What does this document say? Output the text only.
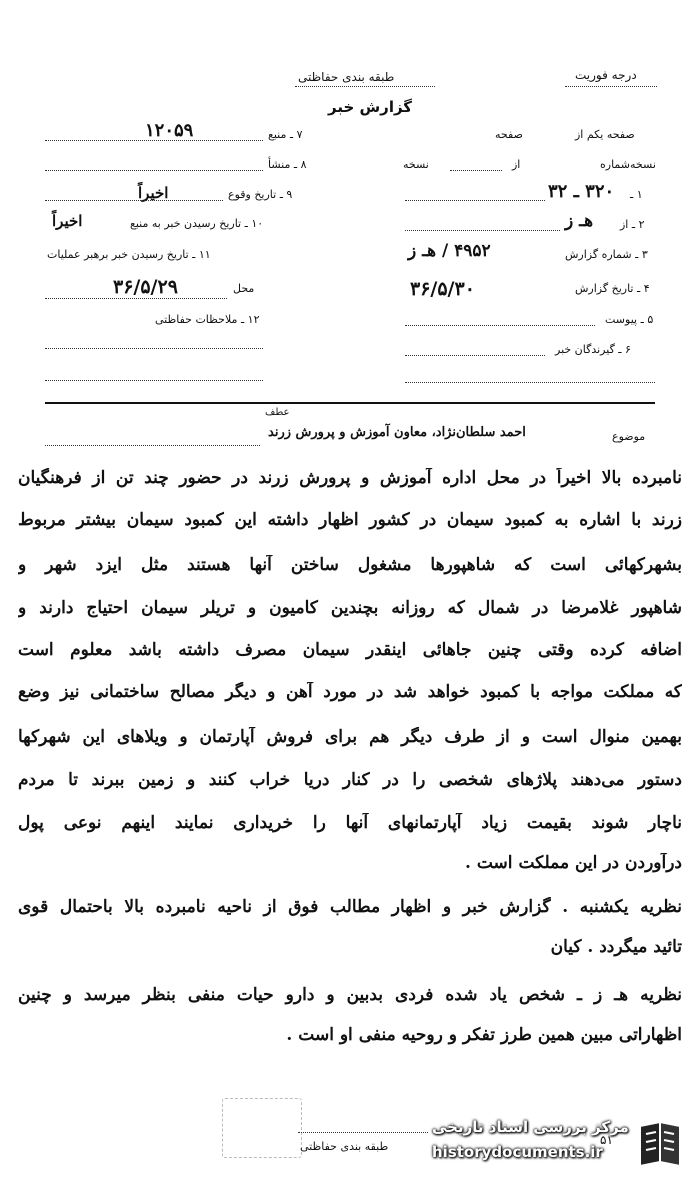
طبقه بندی حفاظتی
گزارش خبر
درجه فوریت
۷ ـ منبع
۱۲۰۵۹
۸ ـ منشأ
۹ ـ تاریخ وقوع
اخیراً
۱۰ ـ تاریخ رسیدن خبر به منبع
اخیراً
۱۱ ـ تاریخ رسیدن خبر برهبر عملیات
محل
۳۶/۵/۲۹
۱۲ ـ ملاحظات حفاظتی
صفحه یکم از
صفحه
نسخه‌شماره
از
نسخه
۱ ـ
۳۲۰ ـ ۳۲
۲ ـ از
هـ ز
۳ ـ شماره گزارش
۴۹۵۲ / هـ ز
۴ ـ تاریخ گزارش
۳۶/۵/۳۰
۵ ـ پیوست
۶ ـ گیرندگان خبر
عطف
موضوع
احمد سلطان‌نژاد، معاون آموزش و پرورش زرند
نامبرده بالا اخیراً در محل اداره آموزش و پرورش زرند در حضور چند تن از فرهنگیان
زرند با اشاره به کمبود سیمان در کشور اظهار داشته این کمبود سیمان بیشتر مربوط
بشهرکهائی است که شاهپورها مشغول ساختن آنها هستند مثل ایزد شهر و
شاهپور غلامرضا در شمال که روزانه بچندین کامیون و تریلر سیمان احتیاج دارند و
اضافه کرده وقتی چنین جاهائی اینقدر سیمان مصرف داشته باشد معلوم است
که مملکت مواجه با کمبود خواهد شد در مورد آهن و دیگر مصالح ساختمانی نیز وضع
بهمین منوال است و از طرف دیگر هم برای فروش آپارتمان و ویلاهای این شهرکها
دستور می‌دهند پلاژهای شخصی را در کنار دریا خراب کنند و زمین ببرند تا مردم
ناچار شوند بقیمت زیاد آپارتمانهای آنها را خریداری نمایند اینهم نوعی پول
درآوردن در این مملکت است .
نظریه یکشنبه . گزارش خبر و اظهار مطالب فوق از ناحیه نامبرده بالا باحتمال قوی
تائید میگردد . کیان
نظریه هـ ز ـ شخص یاد شده فردی بدبین و دارو حیات منفی بنظر میرسد و چنین
اظهاراتی مبین همین طرز تفکر و روحیه منفی او است .
طبقه بندی حفاظتی	۵۱
مرکز بررسی اسناد تاریخی
historydocuments.ir
